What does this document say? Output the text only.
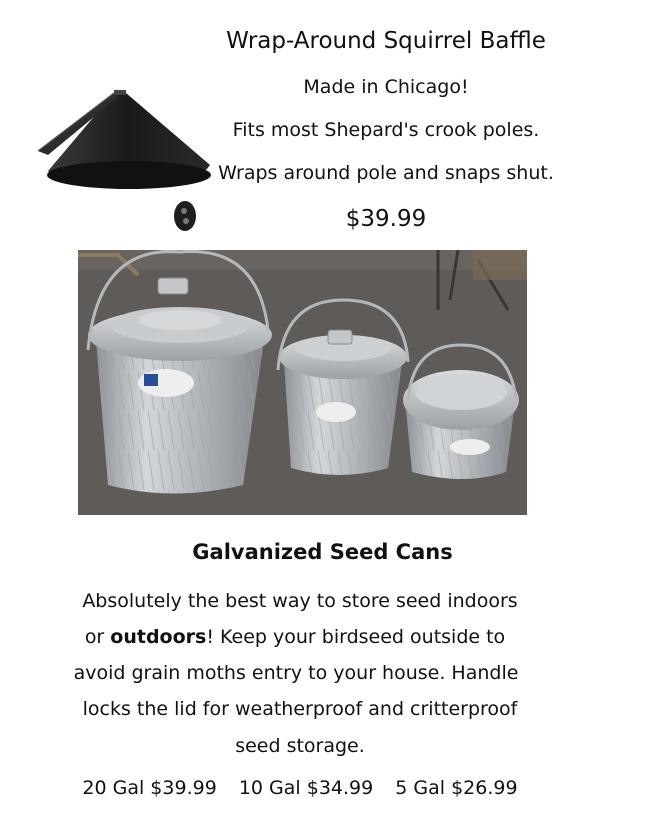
Wrap-Around Squirrel Baffle
Made in Chicago!
Fits most Shepard's crook poles.
Wraps around pole and snaps shut.
$39.99
Galvanized Seed Cans
Absolutely the best way to store seed indoors
or outdoors! Keep your birdseed outside to
avoid grain moths entry to your house. Handle
locks the lid for weatherproof and critterproof
seed storage.
20 Gal $39.99 10 Gal $34.99 5 Gal $26.99
